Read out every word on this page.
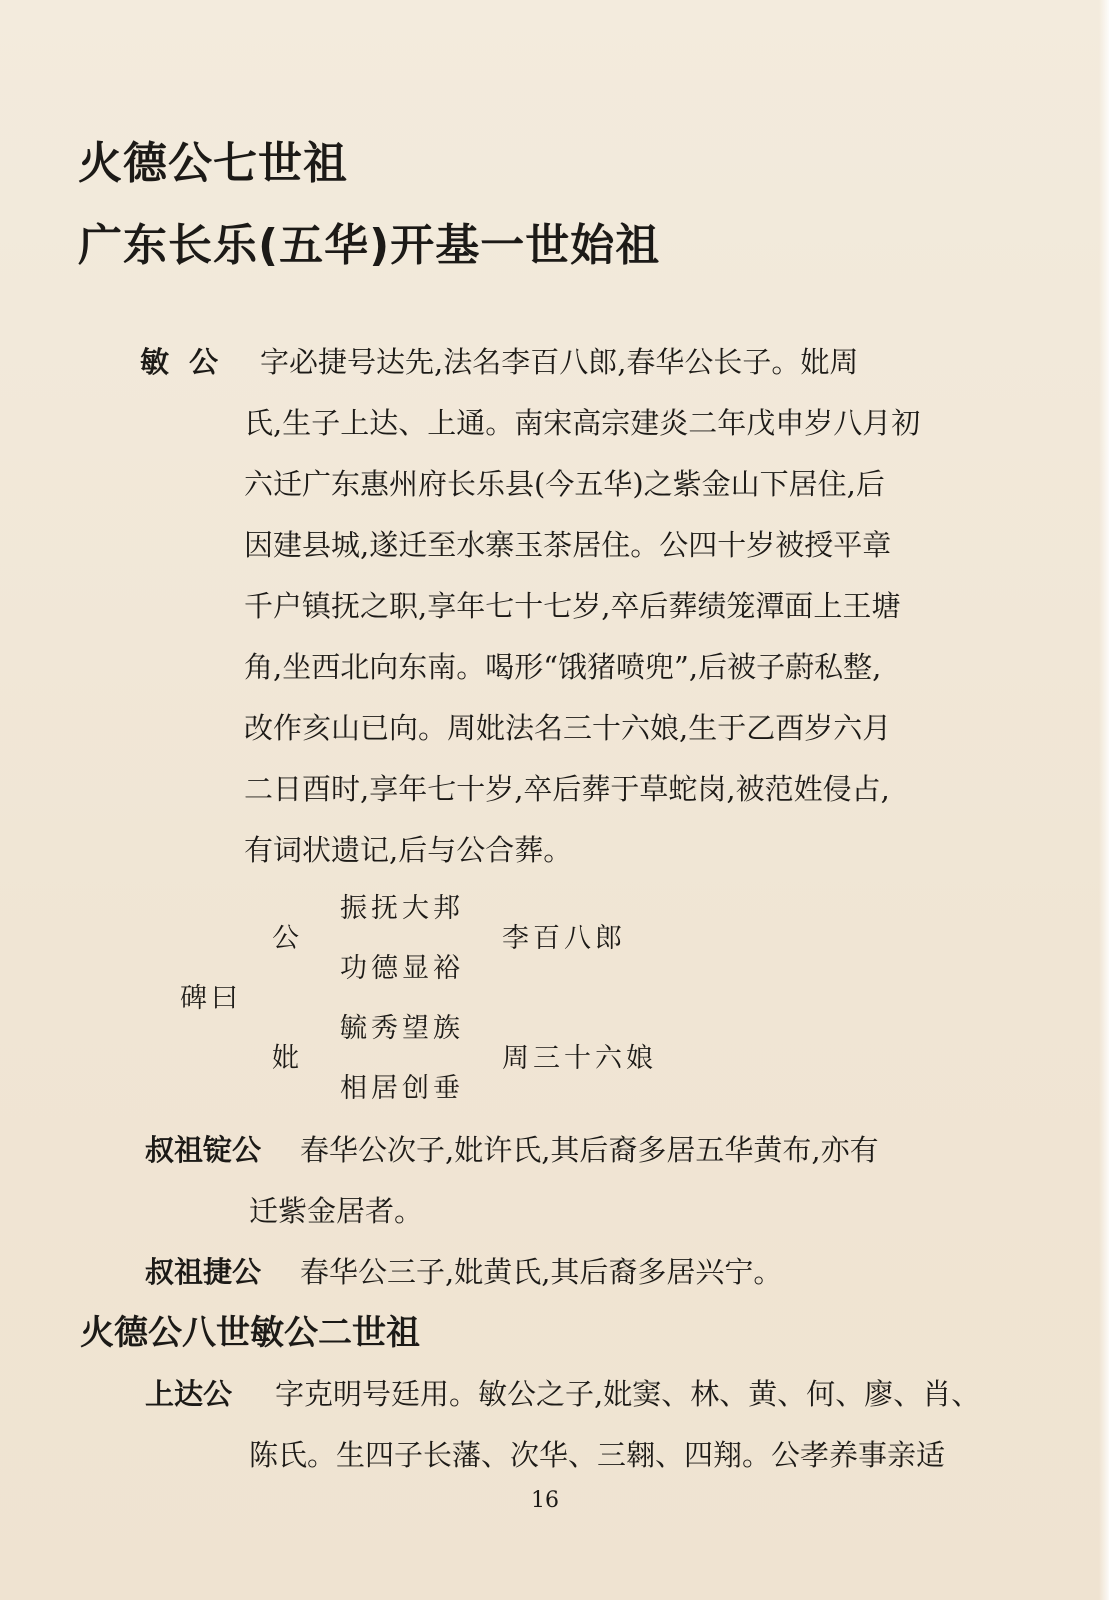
火德公七世祖
广东长乐(五华)开基一世始祖
敏公 字必捷号达先,法名李百八郎,春华公长子。妣周
氏,生子上达、上通。南宋高宗建炎二年戊申岁八月初
六迁广东惠州府长乐县(今五华)之紫金山下居住,后
因建县城,遂迁至水寨玉茶居住。公四十岁被授平章
千户镇抚之职,享年七十七岁,卒后葬绩笼潭面上王塘
角,坐西北向东南。喝形“饿猪喷兜”,后被子蔚私整,
改作亥山已向。周妣法名三十六娘,生于乙酉岁六月
二日酉时,享年七十岁,卒后葬于草蛇岗,被范姓侵占,
有词状遗记,后与公合葬。
碑曰
公
振抚大邦
功德显裕
李百八郎
妣
毓秀望族
相居创垂
周三十六娘
叔祖锭公 春华公次子,妣许氏,其后裔多居五华黄布,亦有
迁紫金居者。
叔祖捷公 春华公三子,妣黄氏,其后裔多居兴宁。
火德公八世敏公二世祖
上达公 字克明号廷用。敏公之子,妣窦、林、黄、何、廖、肖、
陈氏。生四子长藩、次华、三翱、四翔。公孝养事亲适
16
